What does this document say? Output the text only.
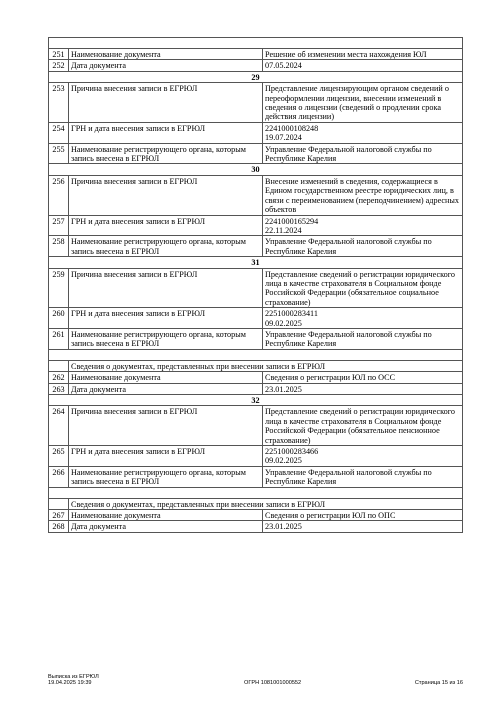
251	Наименование документа	Решение об изменении места нахождения ЮЛ
252	Дата документа	07.05.2024
29		
253	Причина внесения записи в ЕГРЮЛ	Представление лицензирующим органом сведений о переоформлении лицензии, внесении изменений в сведения о лицензии (сведений о продлении срока действия лицензии)
254	ГРН и дата внесения записи в ЕГРЮЛ	2241000108248
19.07.2024
255	Наименование регистрирующего органа, которым запись внесена в ЕГРЮЛ	Управление Федеральной налоговой службы по Республике Карелия
30		
256	Причина внесения записи в ЕГРЮЛ	Внесение изменений в сведения, содержащиеся в Едином государственном реестре юридических лиц, в связи с переименованием (переподчинением) адресных объектов
257	ГРН и дата внесения записи в ЕГРЮЛ	2241000165294
22.11.2024
258	Наименование регистрирующего органа, которым запись внесена в ЕГРЮЛ	Управление Федеральной налоговой службы по Республике Карелия
31		
259	Причина внесения записи в ЕГРЮЛ	Представление сведений о регистрации юридического лица в качестве страхователя в Социальном фонде Российской Федерации (обязательное социальное страхование)
260	ГРН и дата внесения записи в ЕГРЮЛ	2251000283411
09.02.2025
261	Наименование регистрирующего органа, которым запись внесена в ЕГРЮЛ	Управление Федеральной налоговой службы по Республике Карелия

	Сведения о документах, представленных при внесении записи в ЕГРЮЛ	
262	Наименование документа	Сведения о регистрации ЮЛ по ОСС
263	Дата документа	23.01.2025
32		
264	Причина внесения записи в ЕГРЮЛ	Представление сведений о регистрации юридического лица в качестве страхователя в Социальном фонде Российской Федерации (обязательное пенсионное страхование)
265	ГРН и дата внесения записи в ЕГРЮЛ	2251000283466
09.02.2025
266	Наименование регистрирующего органа, которым запись внесена в ЕГРЮЛ	Управление Федеральной налоговой службы по Республике Карелия

	Сведения о документах, представленных при внесении записи в ЕГРЮЛ	
267	Наименование документа	Сведения о регистрации ЮЛ по ОПС
268	Дата документа	23.01.2025
Выписка из ЕГРЮЛ
19.04.2025 19:39	ОГРН 1081001000552	Страница 15 из 16
